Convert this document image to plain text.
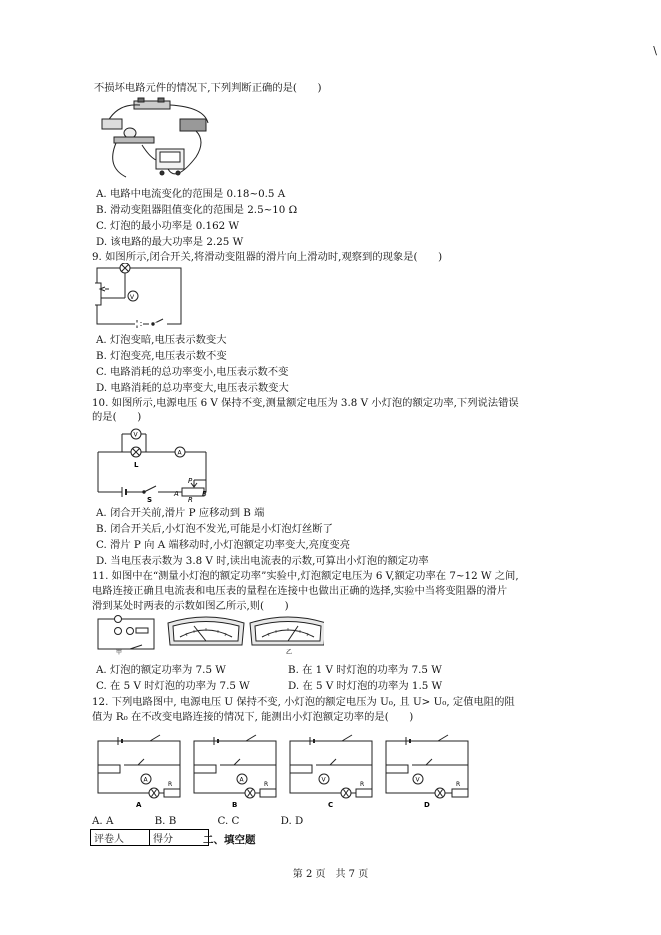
\
不损坏电路元件的情况下,下列判断正确的是(　　)
A. 电路中电流变化的范围是 0.18~0.5 A
B. 滑动变阻器阻值变化的范围是 2.5~10 Ω
C. 灯泡的最小功率是 0.162 W
D. 该电路的最大功率是 2.25 W
9. 如图所示,闭合开关,将滑动变阻器的滑片向上滑动时,观察到的现象是(　　)
V
A. 灯泡变暗,电压表示数变大
B. 灯泡变亮,电压表示数不变
C. 电路消耗的总功率变小,电压表示数不变
D. 电路消耗的总功率变大,电压表示数变大
10. 如图所示,电源电压 6 V 保持不变,测量额定电压为 3.8 V 小灯泡的额定功率,下列说法错误
的是(　　)
V
A
L
S
A	B
P
R
A. 闭合开关前,滑片 P 应移动到 B 端
B. 闭合开关后,小灯泡不发光,可能是小灯泡灯丝断了
C. 滑片 P 向 A 端移动时,小灯泡额定功率变大,亮度变亮
D. 当电压表示数为 3.8 V 时,读出电流表的示数,可算出小灯泡的额定功率
11. 如图中在“测量小灯泡的额定功率”实验中,灯泡额定电压为 6 V,额定功率在 7~12 W 之间,
电路连接正确且电流表和电压表的量程在连接中也做出正确的选择,实验中当将变阻器的滑片
滑到某处时两表的示数如图乙所示,则(　　)
甲	乙
A. 灯泡的额定功率为 7.5 W	B. 在 1 V 时灯泡的功率为 7.5 W
C. 在 5 V 时灯泡的功率为 7.5 W	D. 在 5 V 时灯泡的功率为 1.5 W
12. 下列电路图中, 电源电压 U 保持不变, 小灯泡的额定电压为 U₀, 且 U> U₀, 定值电阻的阻
值为 R₀ 在不改变电路连接的情况下, 能测出小灯泡额定功率的是(　　)
A	A	V	V
R	R	R	R
A	B	C	D
A. A　　　　B. B　　　　C. C　　　　D. D
评卷人	得分	二、填空题
第 2 页　共 7 页
